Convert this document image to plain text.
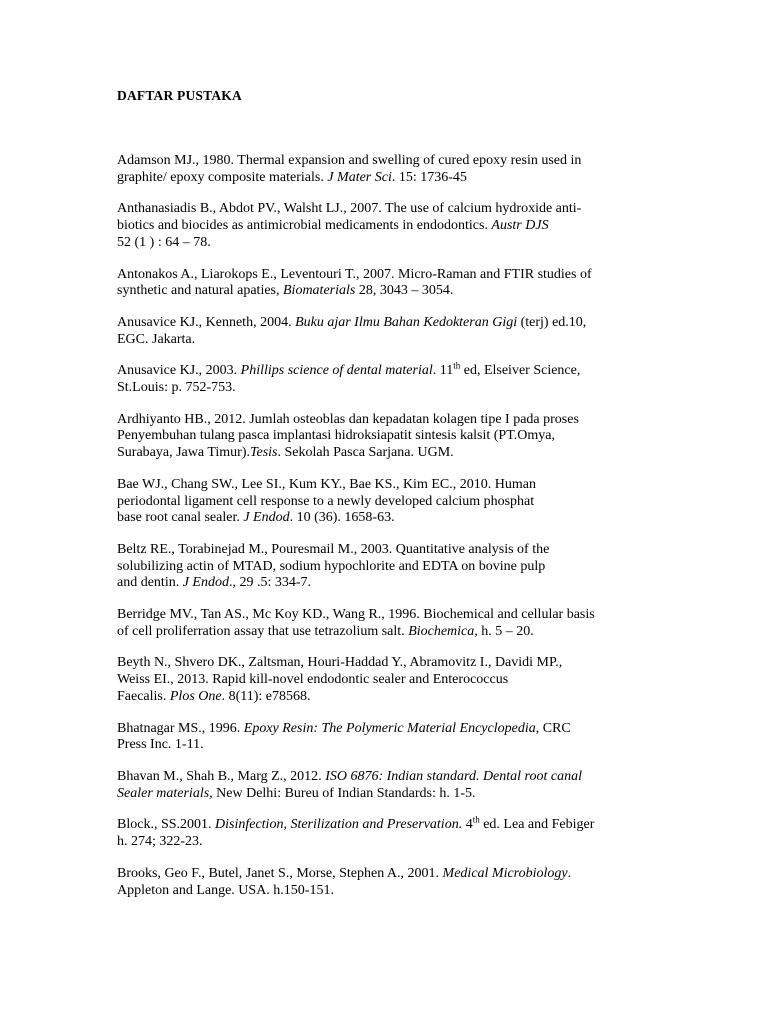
DAFTAR PUSTAKA
Adamson MJ., 1980. Thermal expansion and swelling of cured epoxy resin used in
graphite/ epoxy composite materials. J Mater Sci. 15: 1736-45
Anthanasiadis B., Abdot PV., Walsht LJ., 2007. The use of calcium hydroxide anti-
biotics and biocides as antimicrobial medicaments in endodontics. Austr DJS
52 (1 ) : 64 – 78.
Antonakos A., Liarokops E., Leventouri T., 2007. Micro-Raman and FTIR studies of
synthetic and natural apaties, Biomaterials 28, 3043 – 3054.
Anusavice KJ., Kenneth, 2004. Buku ajar Ilmu Bahan Kedokteran Gigi (terj) ed.10,
EGC. Jakarta.
Anusavice KJ., 2003. Phillips science of dental material. 11th ed, Elseiver Science,
St.Louis: p. 752-753.
Ardhiyanto HB., 2012. Jumlah osteoblas dan kepadatan kolagen tipe I pada proses
Penyembuhan tulang pasca implantasi hidroksiapatit sintesis kalsit (PT.Omya,
Surabaya, Jawa Timur).Tesis. Sekolah Pasca Sarjana. UGM.
Bae WJ., Chang SW., Lee SI., Kum KY., Bae KS., Kim EC., 2010. Human
periodontal ligament cell response to a newly developed calcium phosphat
base root canal sealer. J Endod. 10 (36). 1658-63.
Beltz RE., Torabinejad M., Pouresmail M., 2003. Quantitative analysis of the
solubilizing actin of MTAD, sodium hypochlorite and EDTA on bovine pulp
and dentin. J Endod., 29 .5: 334-7.
Berridge MV., Tan AS., Mc Koy KD., Wang R., 1996. Biochemical and cellular basis
of cell proliferration assay that use tetrazolium salt. Biochemica, h. 5 – 20.
Beyth N., Shvero DK., Zaltsman, Houri-Haddad Y., Abramovitz I., Davidi MP.,
Weiss EI., 2013. Rapid kill-novel endodontic sealer and Enterococcus
Faecalis. Plos One. 8(11): e78568.
Bhatnagar MS., 1996. Epoxy Resin: The Polymeric Material Encyclopedia, CRC
Press Inc. 1-11.
Bhavan M., Shah B., Marg Z., 2012. ISO 6876: Indian standard. Dental root canal
Sealer materials, New Delhi: Bureu of Indian Standards: h. 1-5.
Block., SS.2001. Disinfection, Sterilization and Preservation. 4th ed. Lea and Febiger
h. 274; 322-23.
Brooks, Geo F., Butel, Janet S., Morse, Stephen A., 2001. Medical Microbiology.
Appleton and Lange. USA. h.150-151.
